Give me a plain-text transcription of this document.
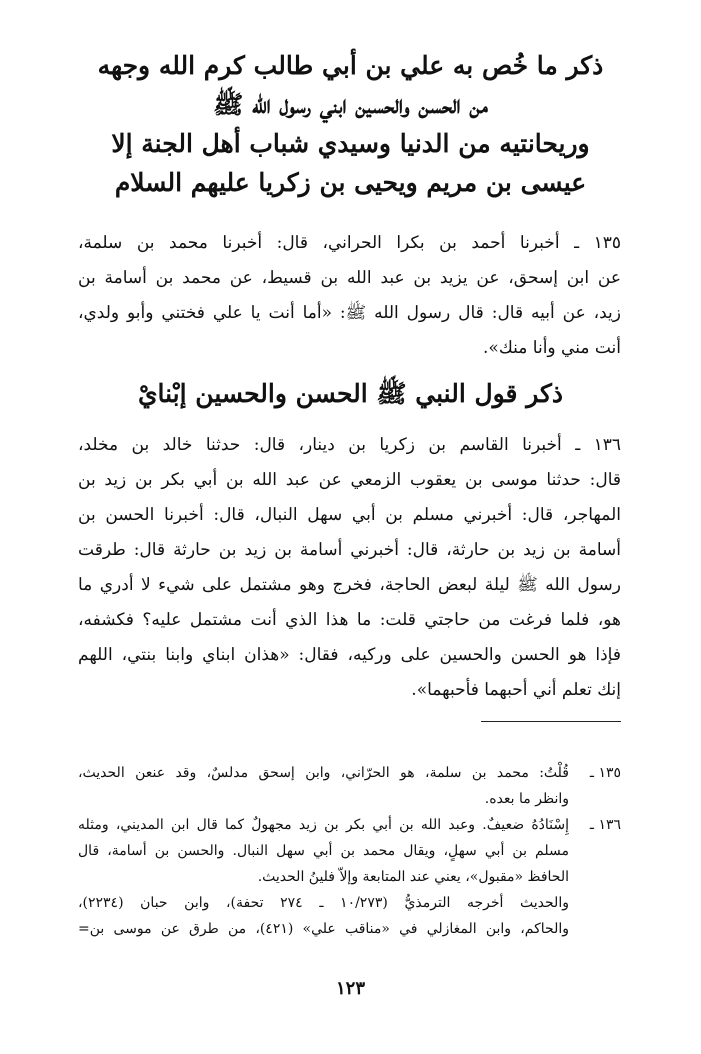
ذكر ما خُص به علي بن أبي طالب كرم الله وجهه
من الحسن والحسين ابني رسول الله ﷺ
وريحانتيه من الدنيا وسيدي شباب أهل الجنة إلا
عيسى بن مريم ويحيى بن زكريا عليهم السلام
١٣٥ ـ أخبرنا أحمد بن بكرا الحراني، قال: أخبرنا محمد بن سلمة،
عن ابن إسحق، عن يزيد بن عبد الله بن قسيط، عن محمد بن أسامة بن
زيد، عن أبيه قال: قال رسول الله ﷺ: «أما أنت يا علي فختني وأبو ولدي،
أنت مني وأنا منك».
ذكر قول النبي ﷺ الحسن والحسين إبْنايْ
١٣٦ ـ أخبرنا القاسم بن زكريا بن دينار، قال: حدثنا خالد بن مخلد،
قال: حدثنا موسى بن يعقوب الزمعي عن عبد الله بن أبي بكر بن زيد بن
المهاجر، قال: أخبرني مسلم بن أبي سهل النبال، قال: أخبرنا الحسن بن
أسامة بن زيد بن حارثة، قال: أخبرني أسامة بن زيد بن حارثة قال: طرقت
رسول الله ﷺ ليلة لبعض الحاجة، فخرج وهو مشتمل على شيء لا أدري ما
هو، فلما فرغت من حاجتي قلت: ما هذا الذي أنت مشتمل عليه؟ فكشفه،
فإذا هو الحسن والحسين على وركيه، فقال: «هذان ابناي وابنا بنتي، اللهم
إنك تعلم أني أحبهما فأحبهما».
١٣٥ ـ
قُلْتُ: محمد بن سلمة، هو الحرّاني، وابن إسحق مدلسٌ، وقد عنعن الحديث،
وانظر ما بعده.
١٣٦ ـ
إِسْنَادُهُ ضعيفٌ. وعبد الله بن أبي بكر بن زيد مجهولٌ كما قال ابن المديني، ومثله
مسلم بن أبي سهلٍ، ويقال محمد بن أبي سهل النبال. والحسن بن أسامة، قال
الحافظ «مقبول»، يعني عند المتابعة وإلاّ فلينُ الحديث.
والحديث أخرجه الترمذيُّ (١٠/٢٧٣ ـ ٢٧٤ تحفة)، وابن حبان (٢٢٣٤)،
والحاكم، وابن المغازلي في «مناقب علي» (٤٢١)، من طرق عن موسى بن=
١٢٣
